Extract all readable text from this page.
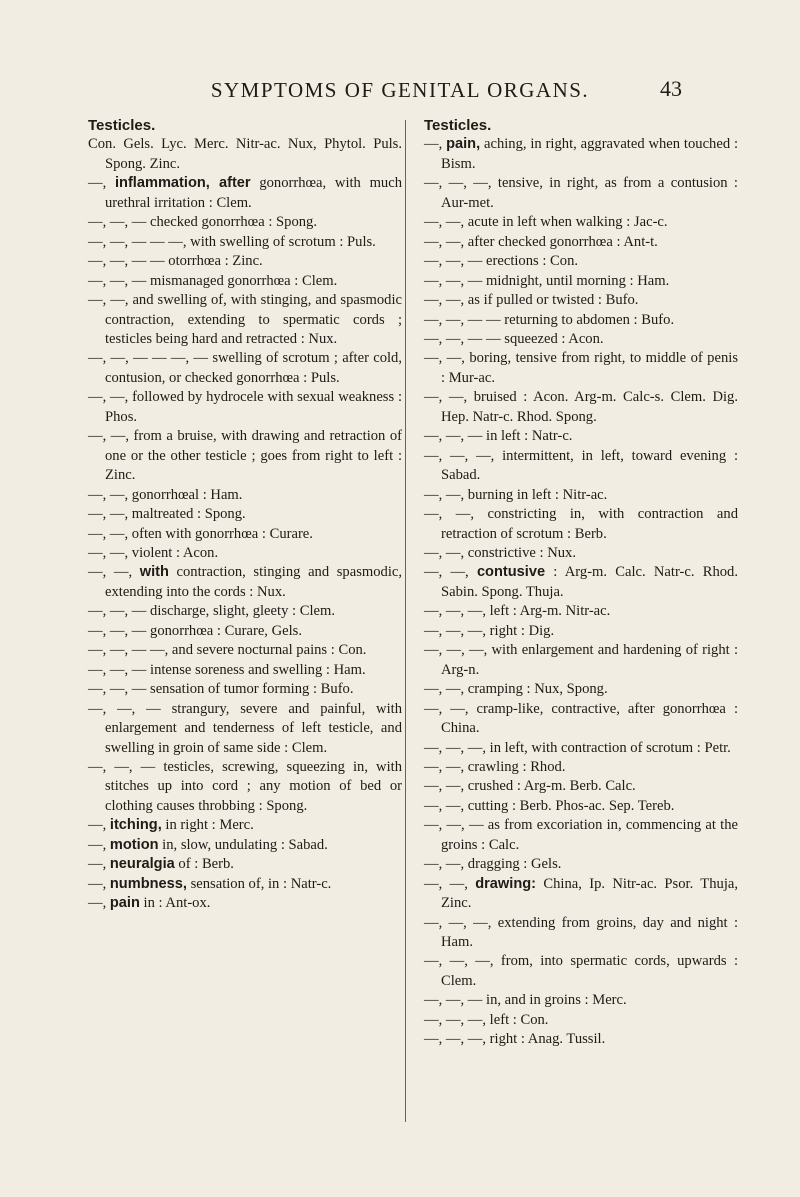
SYMPTOMS OF GENITAL ORGANS.	43
Testicles.

Con. Gels. Lyc. Merc. Nitr-ac. Nux, Phytol. Puls. Spong. Zinc.

—, inflammation, after gonorrhœa, with much urethral irritation : Clem.

—, —, — checked gonorrhœa : Spong.

—, —, — — —, with swelling of scrotum : Puls.

—, —, — — otorrhœa : Zinc.

—, —, — mismanaged gonorrhœa : Clem.

—, —, and swelling of, with stinging, and spasmodic contraction, extending to spermatic cords ; testicles being hard and retracted : Nux.

—, —, — — —, — swelling of scrotum ; after cold, contusion, or checked gonorrhœa : Puls.

—, —, followed by hydrocele with sexual weakness : Phos.

—, —, from a bruise, with drawing and retraction of one or the other testicle ; goes from right to left : Zinc.

—, —, gonorrhœal : Ham.

—, —, maltreated : Spong.

—, —, often with gonorrhœa : Curare.

—, —, violent : Acon.

—, —, with contraction, stinging and spasmodic, extending into the cords : Nux.

—, —, — discharge, slight, gleety : Clem.

—, —, — gonorrhœa : Curare, Gels.

—, —, — —, and severe nocturnal pains : Con.

—, —, — intense soreness and swelling : Ham.

—, —, — sensation of tumor forming : Bufo.

—, —, — strangury, severe and painful, with enlargement and tenderness of left testicle, and swelling in groin of same side : Clem.

—, —, — testicles, screwing, squeezing in, with stitches up into cord ; any motion of bed or clothing causes throbbing : Spong.

—, itching, in right : Merc.

—, motion in, slow, undulating : Sabad.

—, neuralgia of : Berb.

—, numbness, sensation of, in : Natr-c.

—, pain in : Ant-ox.

Testicles.

—, pain, aching, in right, aggravated when touched : Bism.

—, —, —, tensive, in right, as from a contusion : Aur-met.

—, —, acute in left when walking : Jac-c.

—, —, after checked gonorrhœa : Ant-t.

—, —, — erections : Con.

—, —, — midnight, until morning : Ham.

—, —, as if pulled or twisted : Bufo.

—, —, — — returning to abdomen : Bufo.

—, —, — — squeezed : Acon.

—, —, boring, tensive from right, to middle of penis : Mur-ac.

—, —, bruised : Acon. Arg-m. Calc-s. Clem. Dig. Hep. Natr-c. Rhod. Spong.

—, —, — in left : Natr-c.

—, —, —, intermittent, in left, toward evening : Sabad.

—, —, burning in left : Nitr-ac.

—, —, constricting in, with contraction and retraction of scrotum : Berb.

—, —, constrictive : Nux.

—, —, contusive : Arg-m. Calc. Natr-c. Rhod. Sabin. Spong. Thuja.

—, —, —, left : Arg-m. Nitr-ac.

—, —, —, right : Dig.

—, —, —, with enlargement and hardening of right : Arg-n.

—, —, cramping : Nux, Spong.

—, —, cramp-like, contractive, after gonorrhœa : China.

—, —, —, in left, with contraction of scrotum : Petr.

—, —, crawling : Rhod.

—, —, crushed : Arg-m. Berb. Calc.

—, —, cutting : Berb. Phos-ac. Sep. Tereb.

—, —, — as from excoriation in, commencing at the groins : Calc.

—, —, dragging : Gels.

—, —, drawing: China, Ip. Nitr-ac. Psor. Thuja, Zinc.

—, —, —, extending from groins, day and night : Ham.

—, —, —, from, into spermatic cords, upwards : Clem.

—, —, — in, and in groins : Merc.

—, —, —, left : Con.

—, —, —, right : Anag. Tussil.
